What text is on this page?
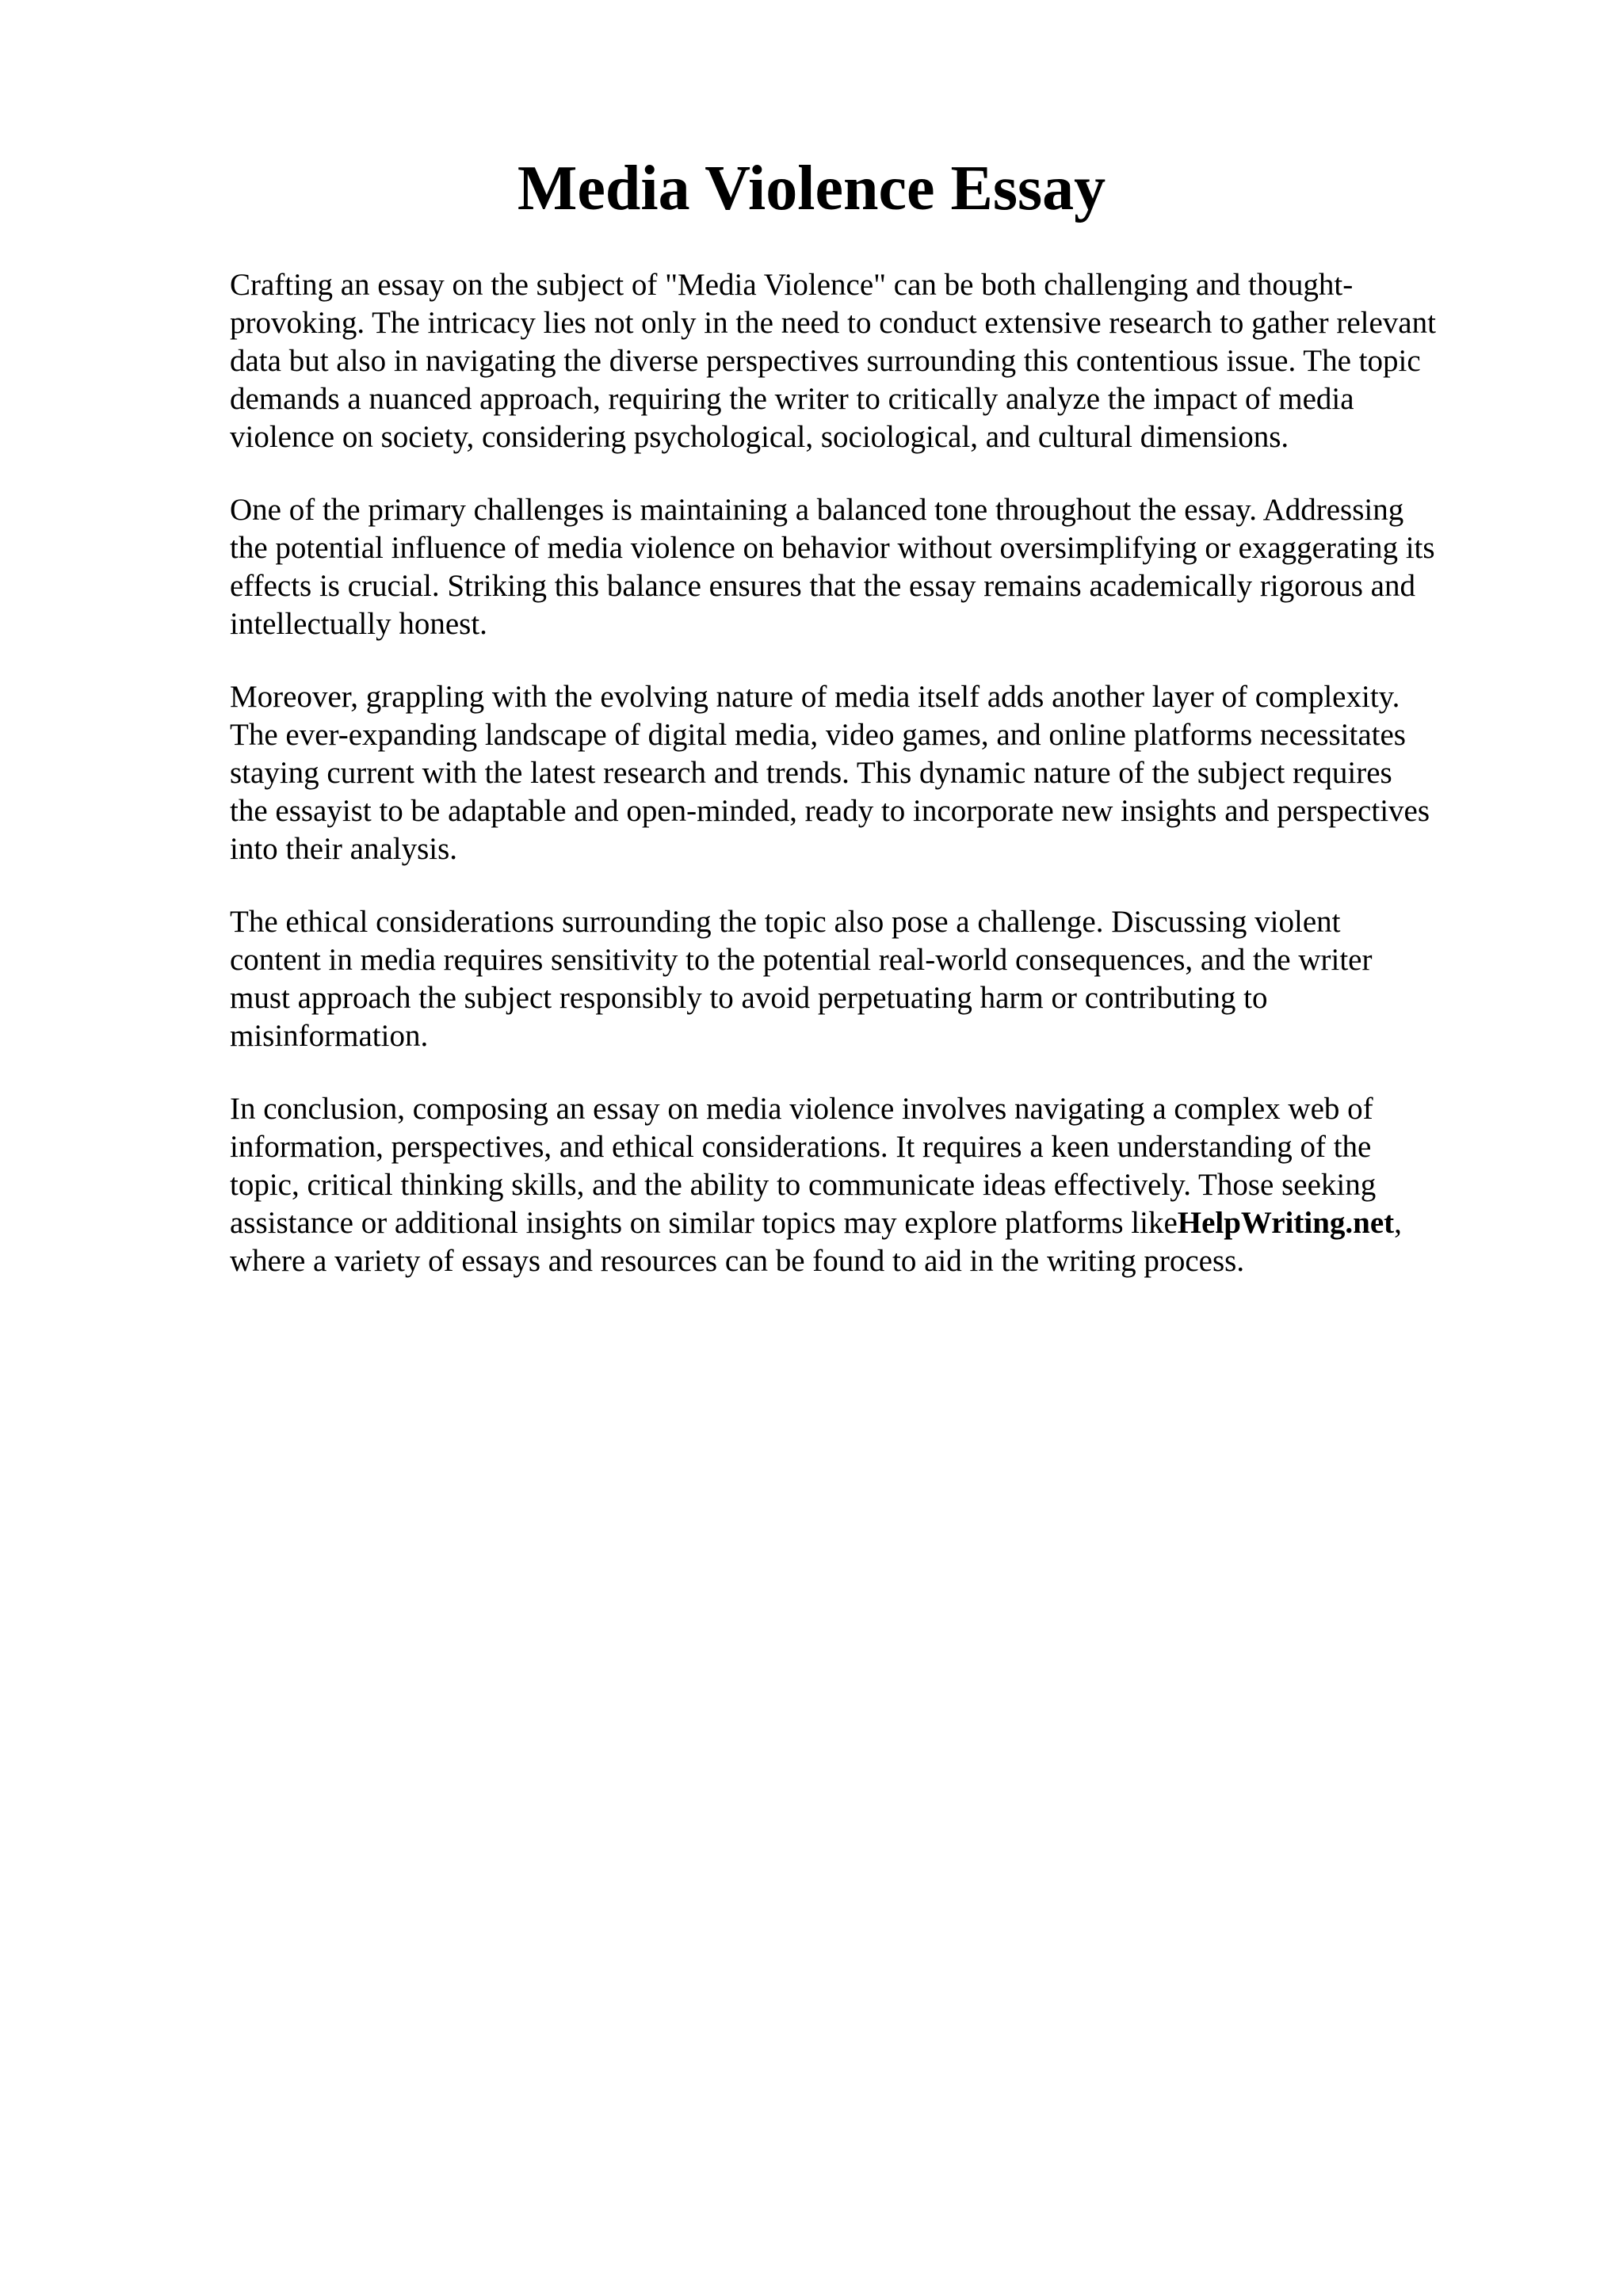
Media Violence Essay

Crafting an essay on the subject of "Media Violence" can be both challenging and thought-
provoking. The intricacy lies not only in the need to conduct extensive research to gather relevant
data but also in navigating the diverse perspectives surrounding this contentious issue. The topic
demands a nuanced approach, requiring the writer to critically analyze the impact of media
violence on society, considering psychological, sociological, and cultural dimensions.

One of the primary challenges is maintaining a balanced tone throughout the essay. Addressing
the potential influence of media violence on behavior without oversimplifying or exaggerating its
effects is crucial. Striking this balance ensures that the essay remains academically rigorous and
intellectually honest.

Moreover, grappling with the evolving nature of media itself adds another layer of complexity.
The ever-expanding landscape of digital media, video games, and online platforms necessitates
staying current with the latest research and trends. This dynamic nature of the subject requires
the essayist to be adaptable and open-minded, ready to incorporate new insights and perspectives
into their analysis.

The ethical considerations surrounding the topic also pose a challenge. Discussing violent
content in media requires sensitivity to the potential real-world consequences, and the writer
must approach the subject responsibly to avoid perpetuating harm or contributing to
misinformation.

In conclusion, composing an essay on media violence involves navigating a complex web of
information, perspectives, and ethical considerations. It requires a keen understanding of the
topic, critical thinking skills, and the ability to communicate ideas effectively. Those seeking
assistance or additional insights on similar topics may explore platforms likeHelpWriting.net,
where a variety of essays and resources can be found to aid in the writing process.
